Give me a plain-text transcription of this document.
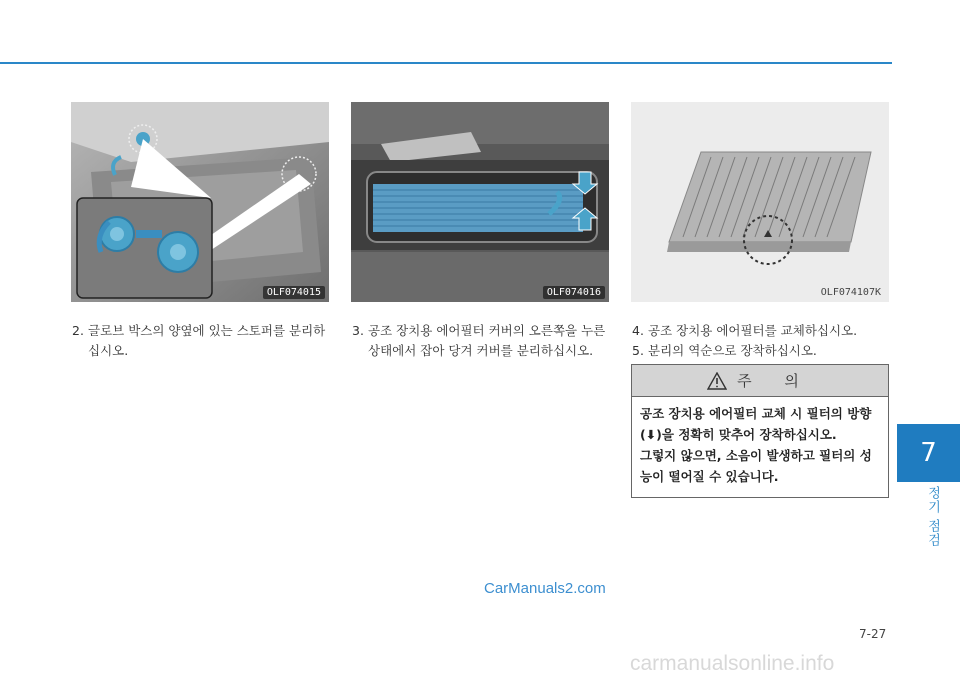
OLF074015	OLF074016	OLF074107K
2. 글로브 박스의 양옆에 있는 스토퍼를 분리하
십시오.
3. 공조 장치용 에어필터 커버의 오른쪽을 누른
상태에서 잡아 당겨 커버를 분리하십시오.
4. 공조 장치용 에어필터를 교체하십시오.
5. 분리의 역순으로 장착하십시오.
주 의
공조 장치용 에어필터 교체 시 필터의 방향
(⬇)을 정확히 맞추어 장착하십시오.
그렇지 않으면, 소음이 발생하고 필터의 성
능이 떨어질 수 있습니다.
7
정기 점검
CarManuals2.com
7-27
carmanualsonline.info
